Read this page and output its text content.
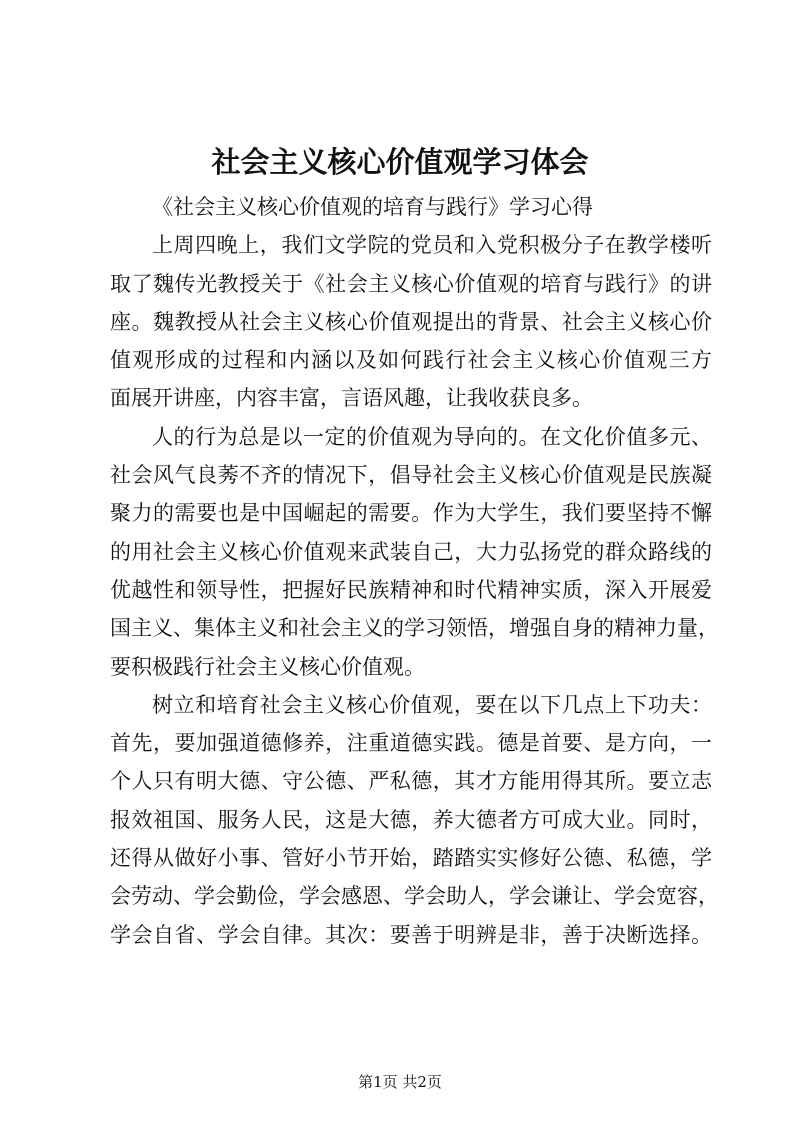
社会主义核心价值观学习体会

《社会主义核心价值观的培育与践行》学习心得

上周四晚上，我们文学院的党员和入党积极分子在教学楼听
取了魏传光教授关于《社会主义核心价值观的培育与践行》的讲
座。魏教授从社会主义核心价值观提出的背景、社会主义核心价
值观形成的过程和内涵以及如何践行社会主义核心价值观三方
面展开讲座，内容丰富，言语风趣，让我收获良多。

人的行为总是以一定的价值观为导向的。在文化价值多元、
社会风气良莠不齐的情况下，倡导社会主义核心价值观是民族凝
聚力的需要也是中国崛起的需要。作为大学生，我们要坚持不懈
的用社会主义核心价值观来武装自己，大力弘扬党的群众路线的
优越性和领导性，把握好民族精神和时代精神实质，深入开展爱
国主义、集体主义和社会主义的学习领悟，增强自身的精神力量，
要积极践行社会主义核心价值观。

树立和培育社会主义核心价值观，要在以下几点上下功夫：
首先，要加强道德修养，注重道德实践。德是首要、是方向，一
个人只有明大德、守公德、严私德，其才方能用得其所。要立志
报效祖国、服务人民，这是大德，养大德者方可成大业。同时，
还得从做好小事、管好小节开始，踏踏实实修好公德、私德，学
会劳动、学会勤俭，学会感恩、学会助人，学会谦让、学会宽容，
学会自省、学会自律。其次：要善于明辨是非，善于决断选择。

第1页 共2页
